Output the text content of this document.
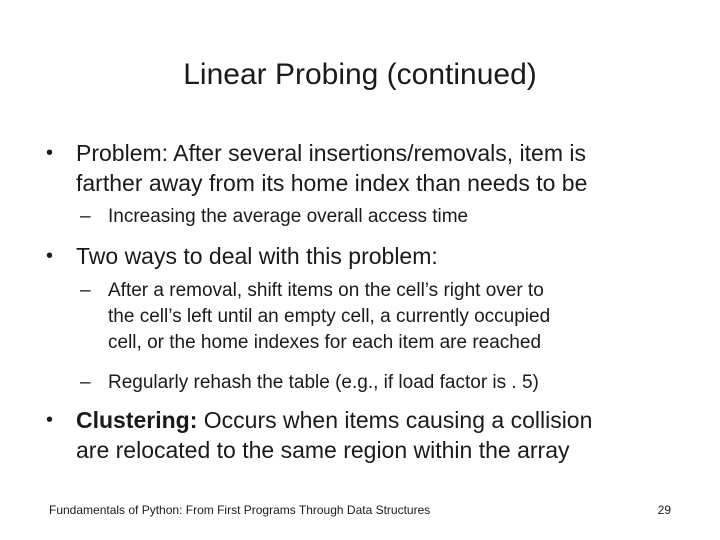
Linear Probing (continued)
• Problem: After several insertions/removals, item is
farther away from its home index than needs to be
– Increasing the average overall access time
• Two ways to deal with this problem:
– After a removal, shift items on the cell’s right over to
the cell’s left until an empty cell, a currently occupied
cell, or the home indexes for each item are reached
– Regularly rehash the table (e.g., if load factor is . 5)
• Clustering: Occurs when items causing a collision
are relocated to the same region within the array
Fundamentals of Python: From First Programs Through Data Structures	29
